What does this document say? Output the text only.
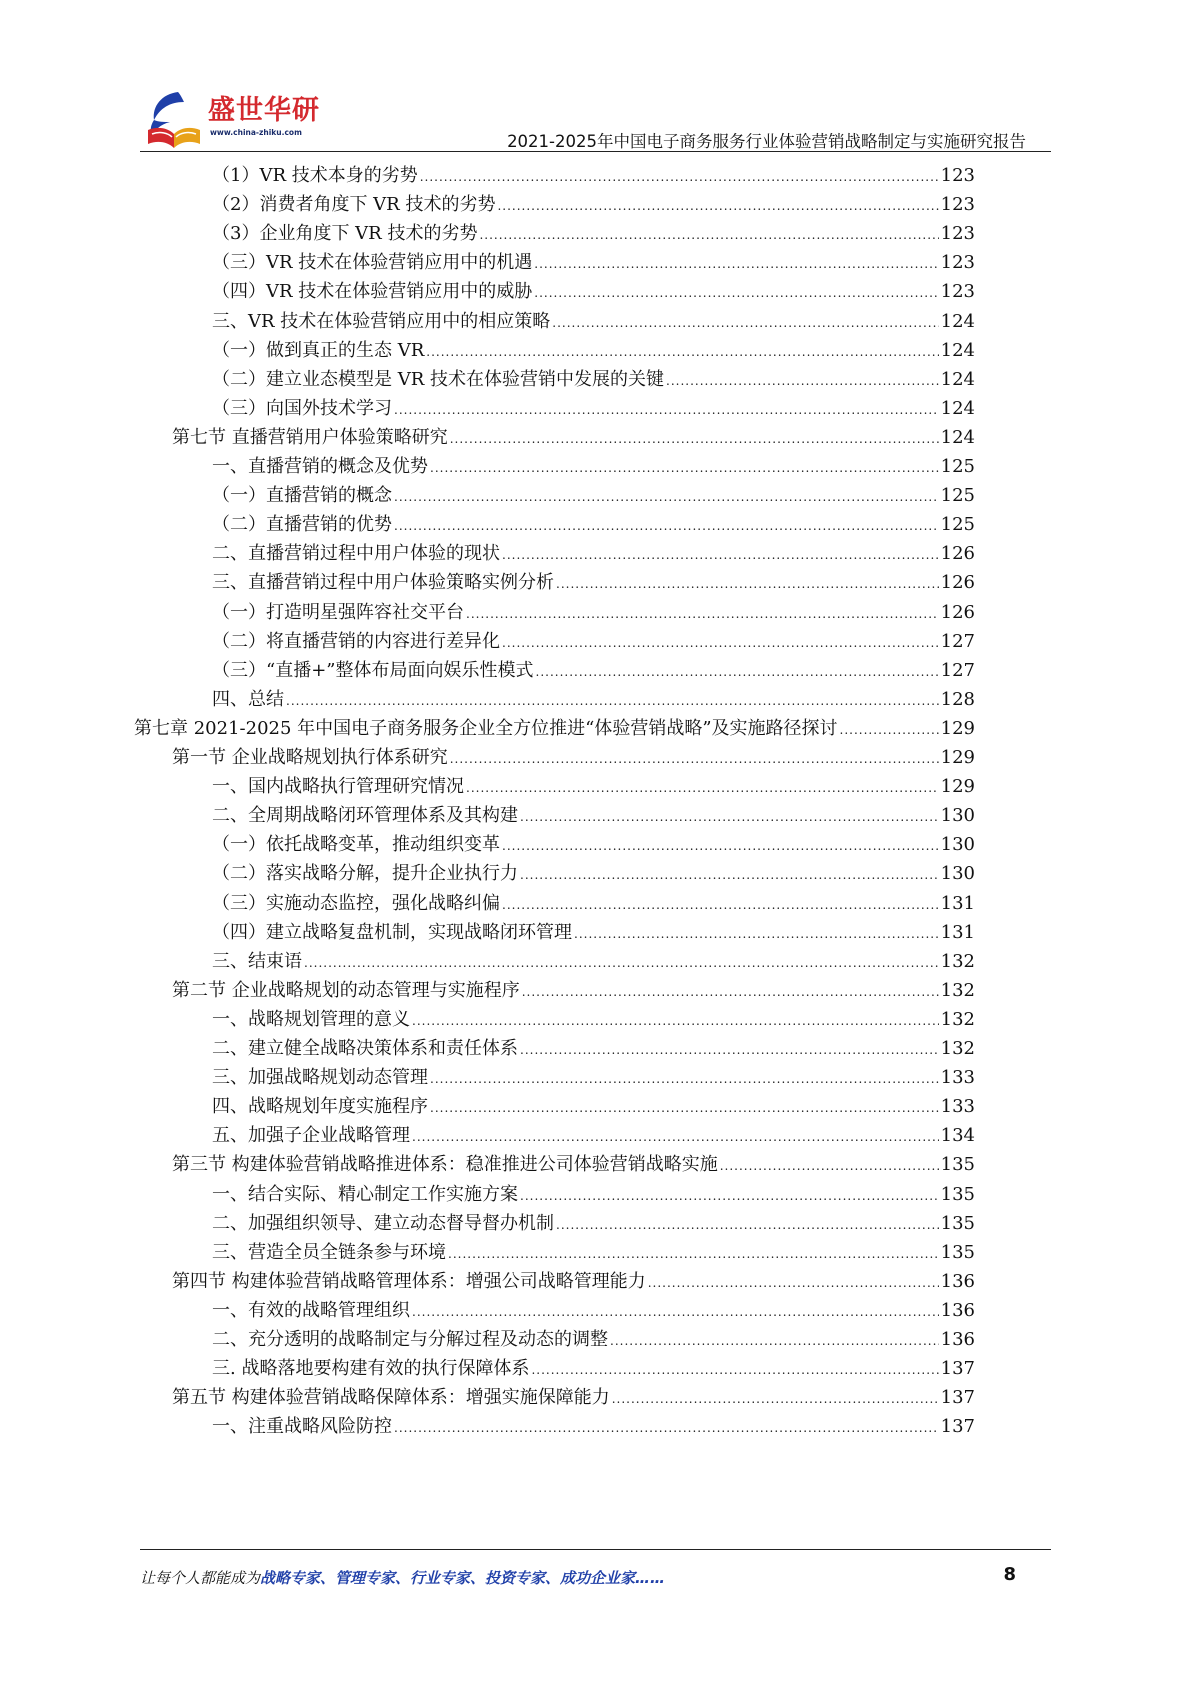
盛世华研
www.china-zhiku.com	2021-2025年中国电子商务服务行业体验营销战略制定与实施研究报告
（1）VR 技术本身的劣势 .....	123
（2）消费者角度下 VR 技术的劣势 .....	123
（3）企业角度下 VR 技术的劣势 .....	123
（三）VR 技术在体验营销应用中的机遇 .....	123
（四）VR 技术在体验营销应用中的威胁 .....	123
三、VR 技术在体验营销应用中的相应策略 .....	124
（一）做到真正的生态 VR .....	124
（二）建立业态模型是 VR 技术在体验营销中发展的关键 .....	124
（三）向国外技术学习 .....	124
第七节 直播营销用户体验策略研究 .....	124
一、直播营销的概念及优势 .....	125
（一）直播营销的概念 .....	125
（二）直播营销的优势 .....	125
二、直播营销过程中用户体验的现状 .....	126
三、直播营销过程中用户体验策略实例分析 .....	126
（一）打造明星强阵容社交平台 .....	126
（二）将直播营销的内容进行差异化 .....	127
（三）“直播+”整体布局面向娱乐性模式 .....	127
四、总结 .....	128
第七章 2021-2025 年中国电子商务服务企业全方位推进“体验营销战略”及实施路径探讨 .....	129
第一节 企业战略规划执行体系研究 .....	129
一、国内战略执行管理研究情况 .....	129
二、全周期战略闭环管理体系及其构建 .....	130
（一）依托战略变革，推动组织变革 .....	130
（二）落实战略分解，提升企业执行力 .....	130
（三）实施动态监控，强化战略纠偏 .....	131
（四）建立战略复盘机制，实现战略闭环管理 .....	131
三、结束语 .....	132
第二节 企业战略规划的动态管理与实施程序 .....	132
一、战略规划管理的意义 .....	132
二、建立健全战略决策体系和责任体系 .....	132
三、加强战略规划动态管理 .....	133
四、战略规划年度实施程序 .....	133
五、加强子企业战略管理 .....	134
第三节 构建体验营销战略推进体系：稳准推进公司体验营销战略实施 .....	135
一、结合实际、精心制定工作实施方案 .....	135
二、加强组织领导、建立动态督导督办机制 .....	135
三、营造全员全链条参与环境 .....	135
第四节 构建体验营销战略管理体系：增强公司战略管理能力 .....	136
一、有效的战略管理组织 .....	136
二、充分透明的战略制定与分解过程及动态的调整 .....	136
三. 战略落地要构建有效的执行保障体系 .....	137
第五节 构建体验营销战略保障体系：增强实施保障能力 .....	137
一、注重战略风险防控 .....	137
让每个人都能成为战略专家、管理专家、行业专家、投资专家、成功企业家……	8
